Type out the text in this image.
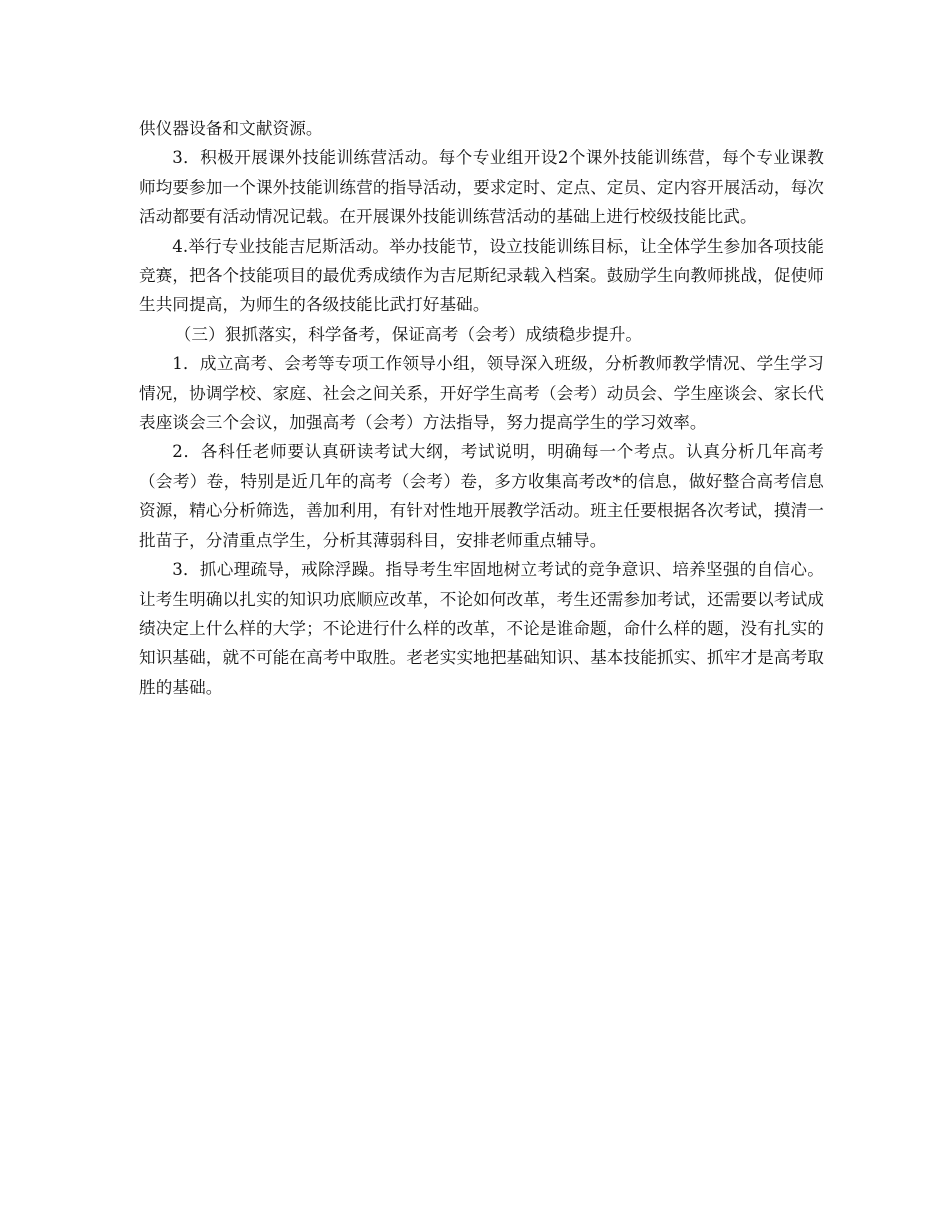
供仪器设备和文献资源。

3．积极开展课外技能训练营活动。每个专业组开设2个课外技能训练营，每个专业课教师均要参加一个课外技能训练营的指导活动，要求定时、定点、定员、定内容开展活动，每次活动都要有活动情况记载。在开展课外技能训练营活动的基础上进行校级技能比武。

4.举行专业技能吉尼斯活动。举办技能节，设立技能训练目标，让全体学生参加各项技能竞赛，把各个技能项目的最优秀成绩作为吉尼斯纪录载入档案。鼓励学生向教师挑战，促使师生共同提高，为师生的各级技能比武打好基础。

（三）狠抓落实，科学备考，保证高考（会考）成绩稳步提升。

1．成立高考、会考等专项工作领导小组，领导深入班级，分析教师教学情况、学生学习情况，协调学校、家庭、社会之间关系，开好学生高考（会考）动员会、学生座谈会、家长代表座谈会三个会议，加强高考（会考）方法指导，努力提高学生的学习效率。

2．各科任老师要认真研读考试大纲，考试说明，明确每一个考点。认真分析几年高考（会考）卷，特别是近几年的高考（会考）卷，多方收集高考改*的信息，做好整合高考信息资源，精心分析筛选，善加利用，有针对性地开展教学活动。班主任要根据各次考试，摸清一批苗子，分清重点学生，分析其薄弱科目，安排老师重点辅导。

3．抓心理疏导，戒除浮躁。指导考生牢固地树立考试的竞争意识、培养坚强的自信心。让考生明确以扎实的知识功底顺应改革，不论如何改革，考生还需参加考试，还需要以考试成绩决定上什么样的大学；不论进行什么样的改革，不论是谁命题，命什么样的题，没有扎实的知识基础，就不可能在高考中取胜。老老实实地把基础知识、基本技能抓实、抓牢才是高考取胜的基础。
